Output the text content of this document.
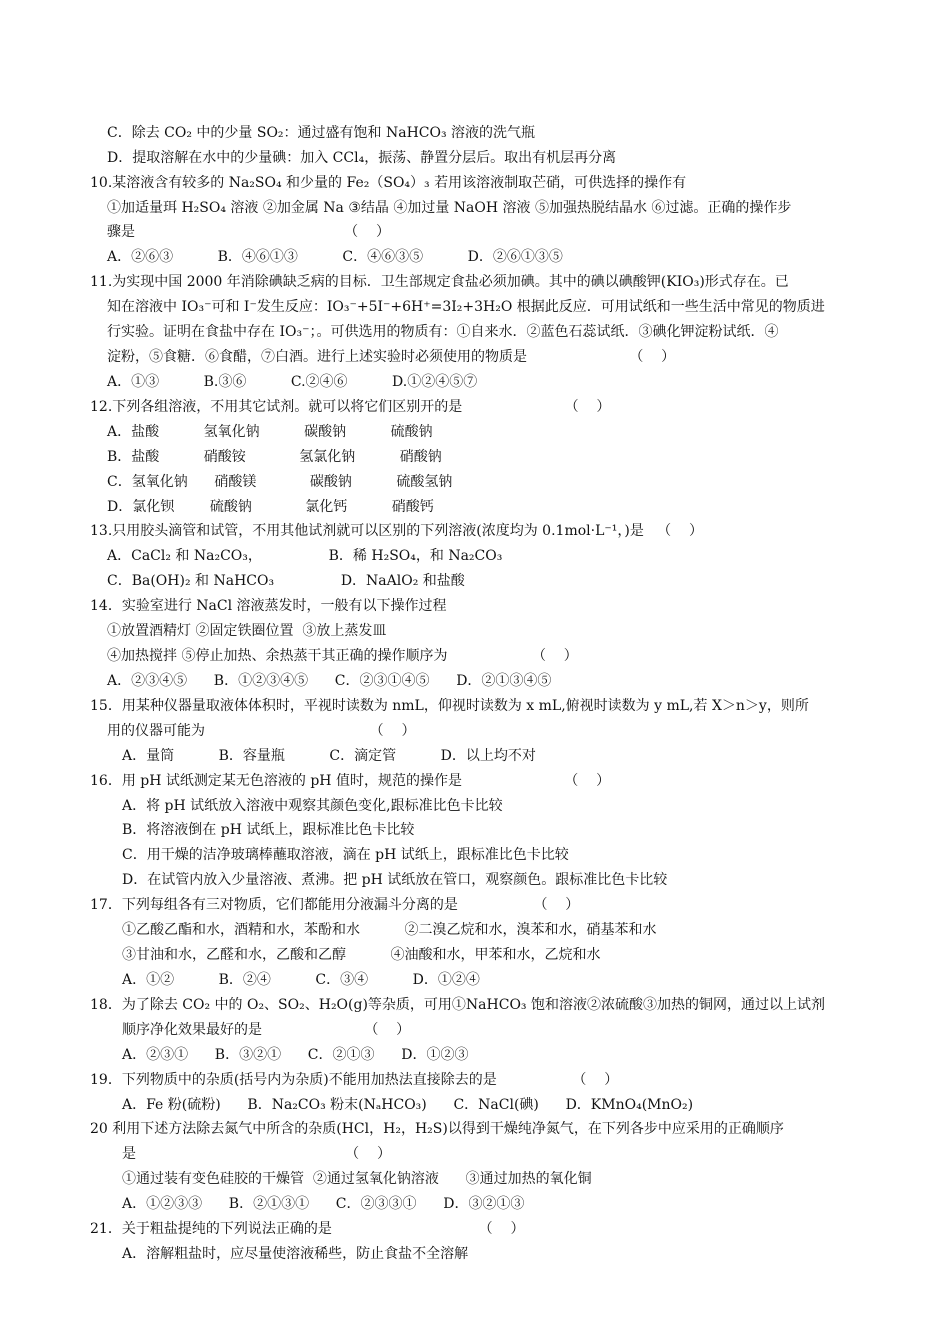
C．除去 CO₂ 中的少量 SO₂：通过盛有饱和 NaHCO₃ 溶液的洗气瓶
D．提取溶解在水中的少量碘：加入 CCl₄，振荡、静置分层后。取出有机层再分离
10.某溶液含有较多的 Na₂SO₄ 和少量的 Fe₂（SO₄）₃ 若用该溶液制取芒硝，可供选择的操作有
①加适量珥 H₂SO₄ 溶液 ②加金属 Na ③结晶 ④加过量 NaOH 溶液 ⑤加强热脱结晶水 ⑥过滤。正确的操作步
骤是                                               （    ）
A．②⑥③          B．④⑥①③          C．④⑥③⑤          D．②⑥①③⑤
11.为实现中国 2000 年消除碘缺乏病的目标．卫生部规定食盐必须加碘。其中的碘以碘酸钾(KIO₃)形式存在。已
知在溶液中 IO₃⁻可和 I⁻发生反应：IO₃⁻+5I⁻+6H⁺=3I₂+3H₂O 根据此反应．可用试纸和一些生活中常见的物质进
行实验。证明在食盐中存在 IO₃⁻；。可供选用的物质有：①自来水．②蓝色石蕊试纸．③碘化钾淀粉试纸．④
淀粉，⑤食糖．⑥食醋，⑦白酒。进行上述实验时必须使用的物质是                       （    ）
A．①③          B.③⑥          C.②④⑥          D.①②④⑤⑦
12.下列各组溶液，不用其它试剂。就可以将它们区别开的是                       （    ）
A．盐酸          氢氧化钠          碳酸钠          硫酸钠
B．盐酸          硝酸铵            氢氯化钠          硝酸钠
C．氢氧化钠      硝酸镁            碳酸钠          硫酸氢钠
D．氯化钡        硫酸钠            氯化钙          硝酸钙
13.只用胶头滴管和试管，不用其他试剂就可以区别的下列溶液(浓度均为 0.1mol·L⁻¹，)是   （    ）
A．CaCl₂ 和 Na₂CO₃，               B．稀 H₂SO₄，和 Na₂CO₃
C．Ba(OH)₂ 和 NaHCO₃               D．NaAlO₂ 和盐酸
14．实验室进行 NaCl 溶液蒸发时，一般有以下操作过程
①放置酒精灯 ②固定铁圈位置  ③放上蒸发皿
④加热搅拌 ⑤停止加热、余热蒸干其正确的操作顺序为                   （    ）
A．②③④⑤      B．①②③④⑤      C．②③①④⑤      D．②①③④⑤
15．用某种仪器量取液体体积时，平视时读数为 nmL，仰视时读数为 x mL,俯视时读数为 y mL,若 X＞n＞y，则所
用的仪器可能为                                     （    ）
A．量筒          B．容量瓶          C．滴定管          D．以上均不对
16．用 pH 试纸测定某无色溶液的 pH 值时，规范的操作是                       （    ）
A．将 pH 试纸放入溶液中观察其颜色变化,跟标准比色卡比较
B．将溶液倒在 pH 试纸上，跟标准比色卡比较
C．用干燥的洁净玻璃棒蘸取溶液，滴在 pH 试纸上，跟标准比色卡比较
D．在试管内放入少量溶液、煮沸。把 pH 试纸放在管口，观察颜色。跟标准比色卡比较
17．下列每组各有三对物质，它们都能用分液漏斗分离的是                 （    ）
①乙酸乙酯和水，酒精和水，苯酚和水          ②二溴乙烷和水，溴苯和水，硝基苯和水
③甘油和水，乙醛和水，乙酸和乙醇          ④油酸和水，甲苯和水，乙烷和水
A．①②          B．②④          C．③④          D．①②④
18．为了除去 CO₂ 中的 O₂、SO₂、H₂O(g)等杂质，可用①NaHCO₃ 饱和溶液②浓硫酸③加热的铜网，通过以上试剂
顺序净化效果最好的是                       （    ）
A．②③①      B．③②①      C．②①③      D．①②③
19．下列物质中的杂质(括号内为杂质)不能用加热法直接除去的是                 （    ）
A．Fe 粉(硫粉)      B．Na₂CO₃ 粉末(NₐHCO₃)      C．NaCl(碘)      D．KMnO₄(MnO₂)
20 利用下述方法除去氮气中所含的杂质(HCl，H₂，H₂S)以得到干燥纯净氮气，在下列各步中应采用的正确顺序
是                                               （    ）
①通过装有变色硅胶的干燥管  ②通过氢氧化钠溶液      ③通过加热的氧化铜
A．①②③③      B．②①③①      C．②③③①      D．③②①③
21．关于粗盐提纯的下列说法正确的是                                 （    ）
A．溶解粗盐时，应尽量使溶液稀些，防止食盐不全溶解
